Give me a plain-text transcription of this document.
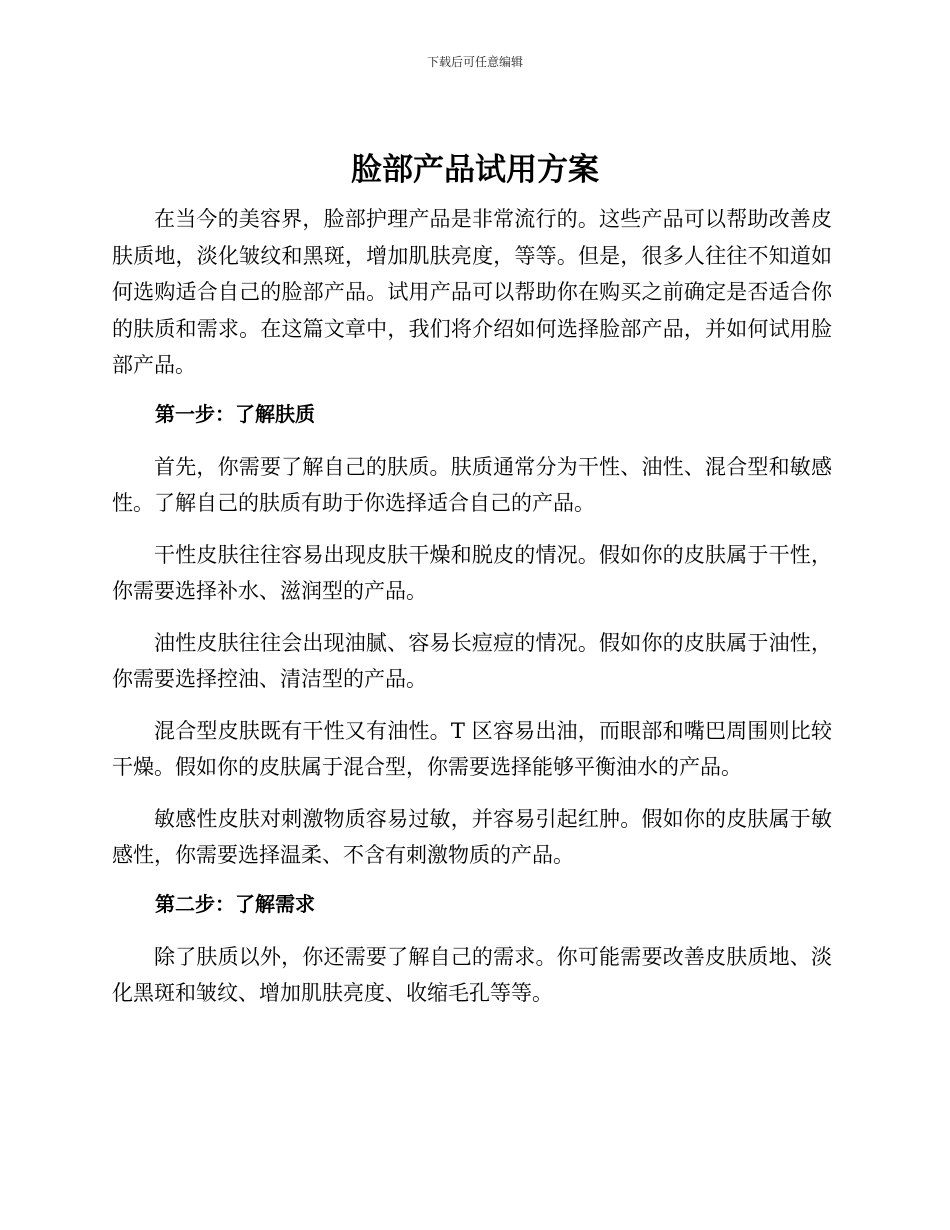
下载后可任意编辑
脸部产品试用方案

在当今的美容界，脸部护理产品是非常流行的。这些产品可以帮助改善皮肤质地，淡化皱纹和黑斑，增加肌肤亮度，等等。但是，很多人往往不知道如何选购适合自己的脸部产品。试用产品可以帮助你在购买之前确定是否适合你的肤质和需求。在这篇文章中，我们将介绍如何选择脸部产品，并如何试用脸部产品。

第一步：了解肤质

首先，你需要了解自己的肤质。肤质通常分为干性、油性、混合型和敏感性。了解自己的肤质有助于你选择适合自己的产品。

干性皮肤往往容易出现皮肤干燥和脱皮的情况。假如你的皮肤属于干性，你需要选择补水、滋润型的产品。

油性皮肤往往会出现油腻、容易长痘痘的情况。假如你的皮肤属于油性，你需要选择控油、清洁型的产品。

混合型皮肤既有干性又有油性。T 区容易出油，而眼部和嘴巴周围则比较干燥。假如你的皮肤属于混合型，你需要选择能够平衡油水的产品。

敏感性皮肤对刺激物质容易过敏，并容易引起红肿。假如你的皮肤属于敏感性，你需要选择温柔、不含有刺激物质的产品。

第二步：了解需求

除了肤质以外，你还需要了解自己的需求。你可能需要改善皮肤质地、淡化黑斑和皱纹、增加肌肤亮度、收缩毛孔等等。
